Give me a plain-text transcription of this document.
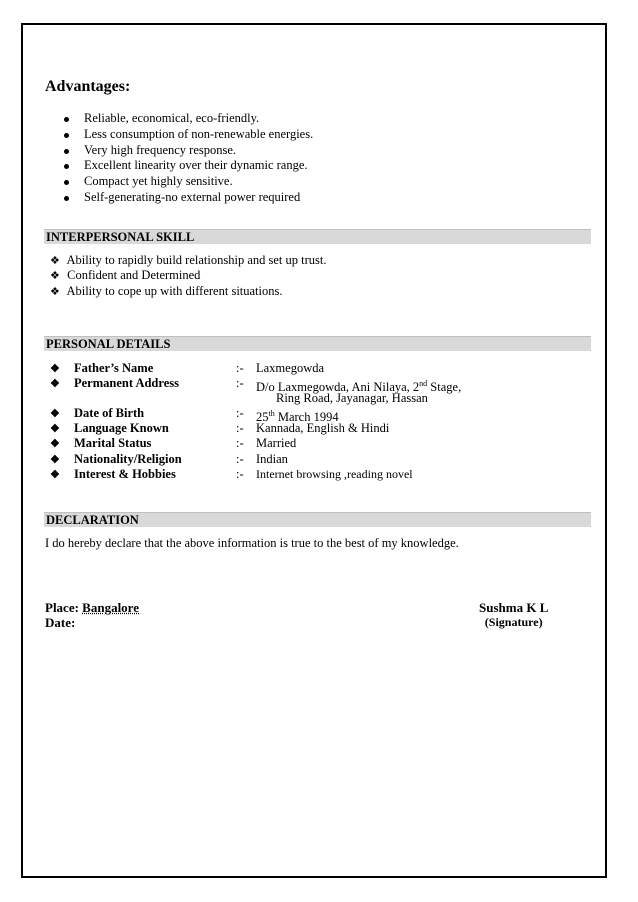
Advantages:
Reliable, economical, eco-friendly.
Less consumption of non-renewable energies.
Very high frequency response.
Excellent linearity over their dynamic range.
Compact yet highly sensitive.
Self-generating-no external power required
INTERPERSONAL SKILL
❖ Ability to rapidly build relationship and set up trust.
❖ Confident and Determined
❖ Ability to cope up with different situations.
PERSONAL DETAILS
❖ Father’s Name	:- Laxmegowda
❖ Permanent Address	:- D/o Laxmegowda, Ani Nilaya, 2nd Stage,
Ring Road, Jayanagar, Hassan
❖ Date of Birth	:- 25th March 1994
❖ Language Known	:- Kannada, English & Hindi
❖ Marital Status	:- Married
❖ Nationality/Religion	:- Indian
❖ Interest & Hobbies	:- Internet browsing ,reading novel
DECLARATION
I do hereby declare that the above information is true to the best of my knowledge.
Place: Bangalore
Date:
Sushma K L
(Signature)
